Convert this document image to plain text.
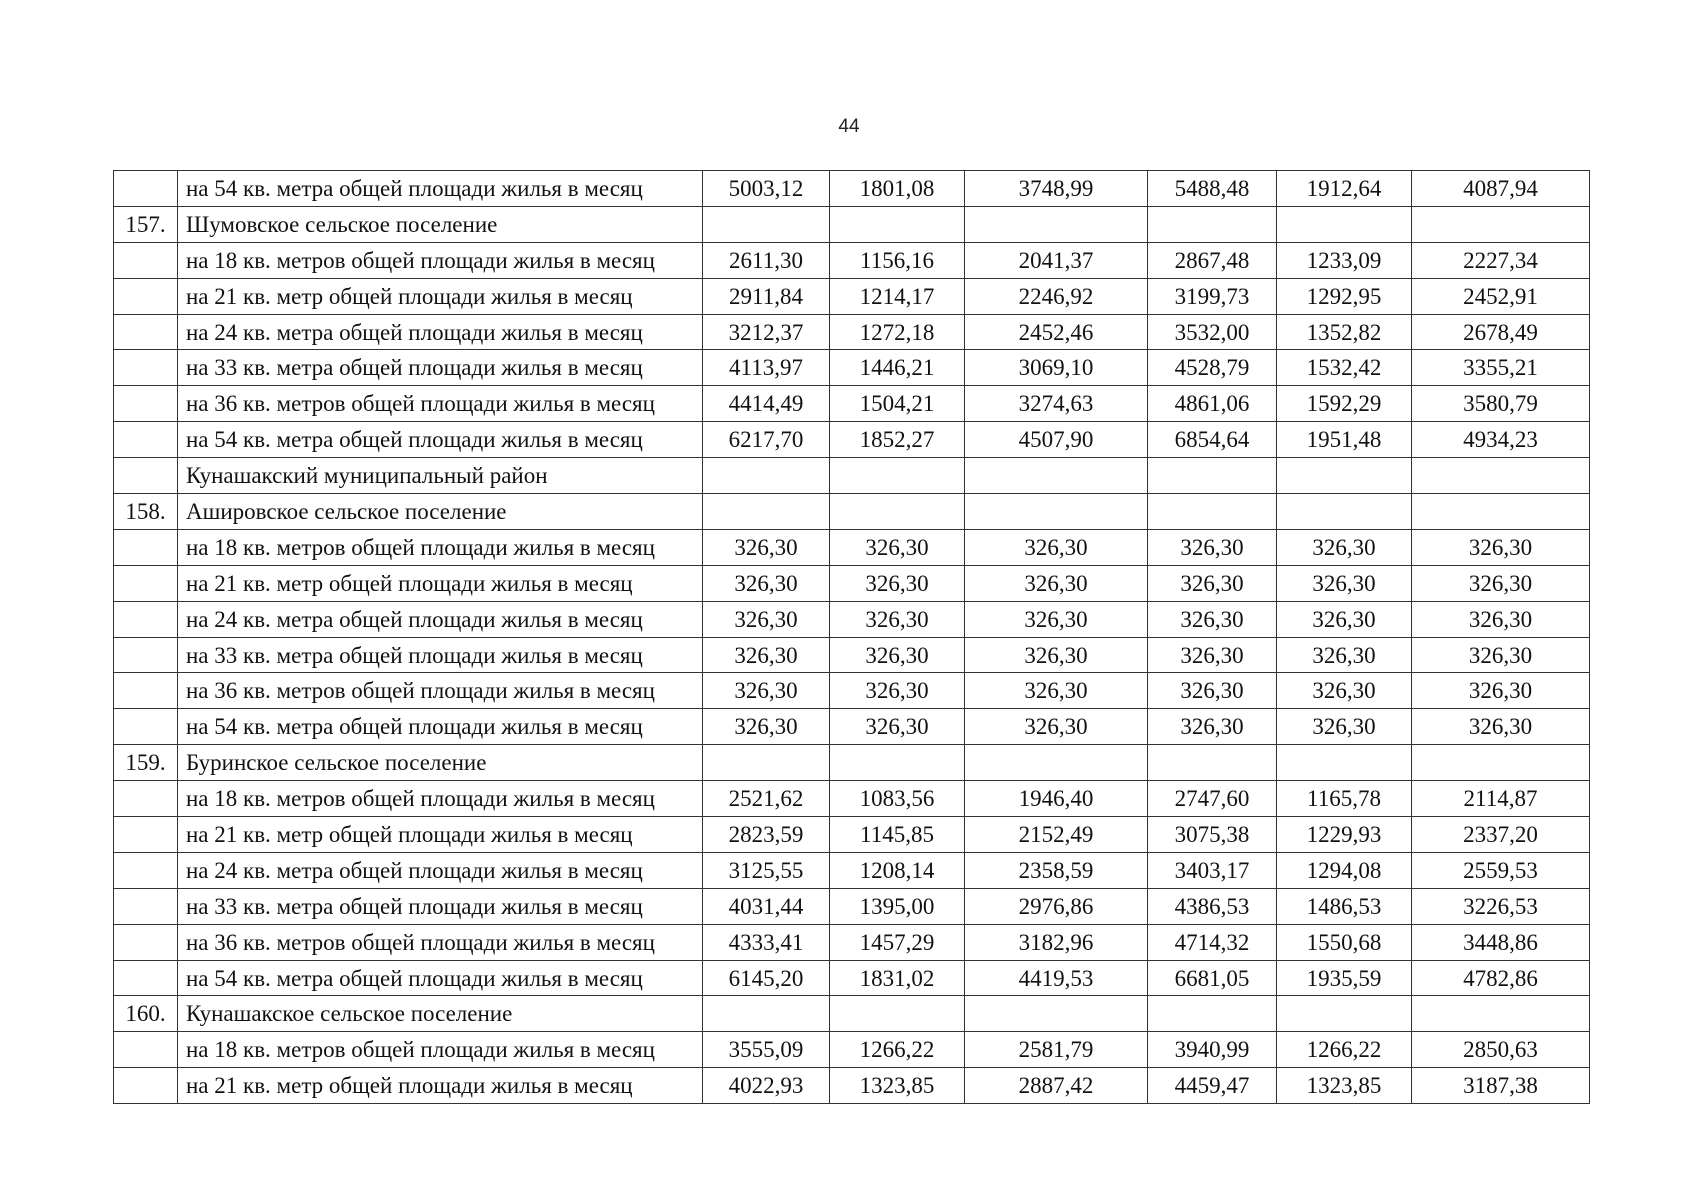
44
	на 54 кв. метра общей площади жилья в месяц	5003,12	1801,08	3748,99	5488,48	1912,64	4087,94
157.	Шумовское сельское поселение						
	на 18 кв. метров общей площади жилья в месяц	2611,30	1156,16	2041,37	2867,48	1233,09	2227,34
	на 21 кв. метр общей площади жилья в месяц	2911,84	1214,17	2246,92	3199,73	1292,95	2452,91
	на 24 кв. метра общей площади жилья в месяц	3212,37	1272,18	2452,46	3532,00	1352,82	2678,49
	на 33 кв. метра общей площади жилья в месяц	4113,97	1446,21	3069,10	4528,79	1532,42	3355,21
	на 36 кв. метров общей площади жилья в месяц	4414,49	1504,21	3274,63	4861,06	1592,29	3580,79
	на 54 кв. метра общей площади жилья в месяц	6217,70	1852,27	4507,90	6854,64	1951,48	4934,23
	Кунашакский муниципальный район						
158.	Аширoвское сельское поселение						
	на 18 кв. метров общей площади жилья в месяц	326,30	326,30	326,30	326,30	326,30	326,30
	на 21 кв. метр общей площади жилья в месяц	326,30	326,30	326,30	326,30	326,30	326,30
	на 24 кв. метра общей площади жилья в месяц	326,30	326,30	326,30	326,30	326,30	326,30
	на 33 кв. метра общей площади жилья в месяц	326,30	326,30	326,30	326,30	326,30	326,30
	на 36 кв. метров общей площади жилья в месяц	326,30	326,30	326,30	326,30	326,30	326,30
	на 54 кв. метра общей площади жилья в месяц	326,30	326,30	326,30	326,30	326,30	326,30
159.	Буринское сельское поселение						
	на 18 кв. метров общей площади жилья в месяц	2521,62	1083,56	1946,40	2747,60	1165,78	2114,87
	на 21 кв. метр общей площади жилья в месяц	2823,59	1145,85	2152,49	3075,38	1229,93	2337,20
	на 24 кв. метра общей площади жилья в месяц	3125,55	1208,14	2358,59	3403,17	1294,08	2559,53
	на 33 кв. метра общей площади жилья в месяц	4031,44	1395,00	2976,86	4386,53	1486,53	3226,53
	на 36 кв. метров общей площади жилья в месяц	4333,41	1457,29	3182,96	4714,32	1550,68	3448,86
	на 54 кв. метра общей площади жилья в месяц	6145,20	1831,02	4419,53	6681,05	1935,59	4782,86
160.	Кунашакское сельское поселение						
	на 18 кв. метров общей площади жилья в месяц	3555,09	1266,22	2581,79	3940,99	1266,22	2850,63
	на 21 кв. метр общей площади жилья в месяц	4022,93	1323,85	2887,42	4459,47	1323,85	3187,38
